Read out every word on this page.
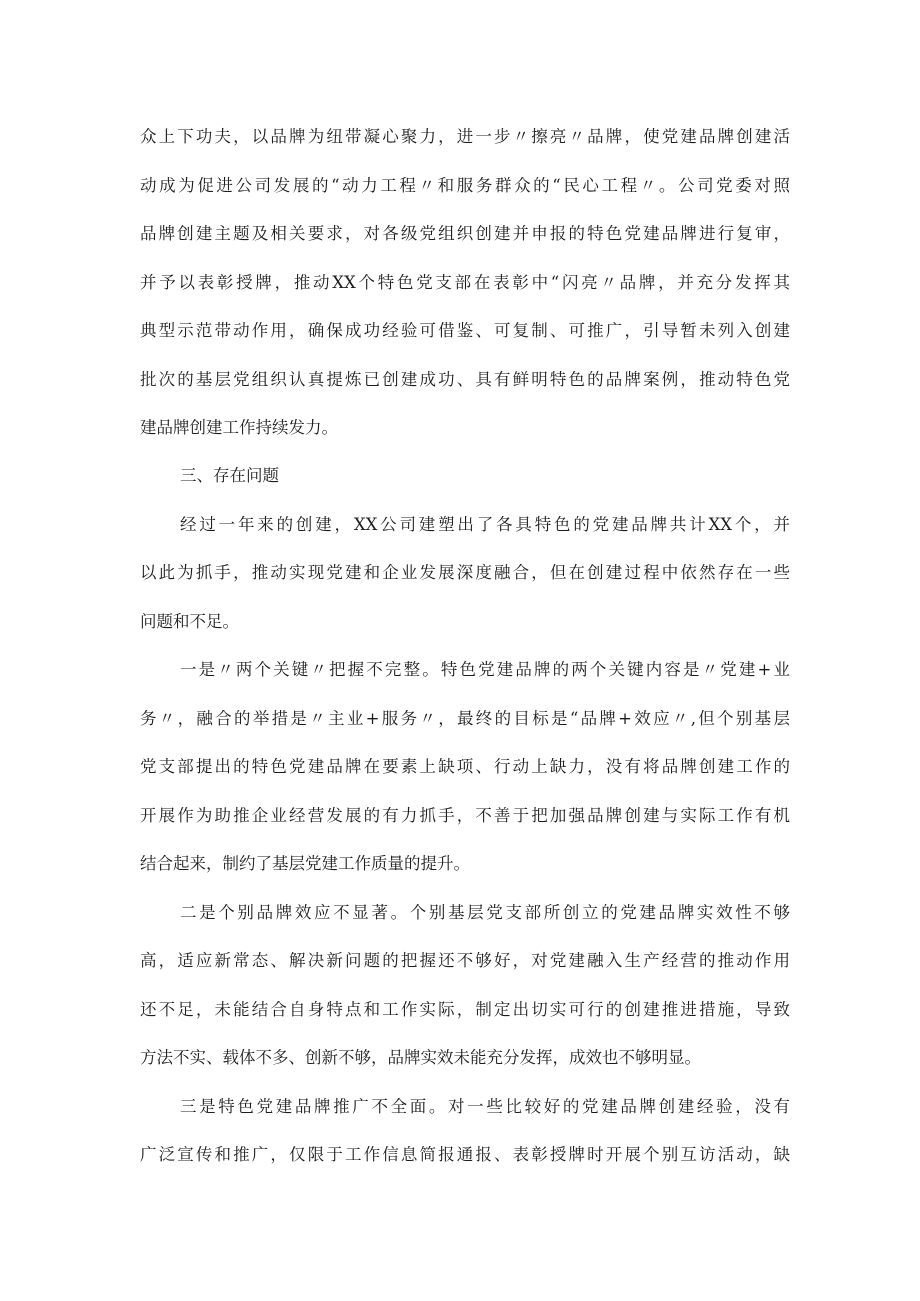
众上下功夫，以品牌为纽带凝心聚力，进一步〃擦亮〃品牌，使党建品牌创建活
动成为促进公司发展的“动力工程〃和服务群众的“民心工程〃。公司党委对照
品牌创建主题及相关要求，对各级党组织创建并申报的特色党建品牌进行复审，
并予以表彰授牌，推动XX个特色党支部在表彰中“闪亮〃品牌，并充分发挥其
典型示范带动作用，确保成功经验可借鉴、可复制、可推广，引导暂未列入创建
批次的基层党组织认真提炼已创建成功、具有鲜明特色的品牌案例，推动特色党
建品牌创建工作持续发力。
三、存在问题
经过一年来的创建，XX公司建塑出了各具特色的党建品牌共计XX个，并
以此为抓手，推动实现党建和企业发展深度融合，但在创建过程中依然存在一些
问题和不足。
一是〃两个关键〃把握不完整。特色党建品牌的两个关键内容是〃党建+业
务〃，融合的举措是〃主业+服务〃，最终的目标是“品牌+效应〃,但个别基层
党支部提出的特色党建品牌在要素上缺项、行动上缺力，没有将品牌创建工作的
开展作为助推企业经营发展的有力抓手，不善于把加强品牌创建与实际工作有机
结合起来，制约了基层党建工作质量的提升。
二是个别品牌效应不显著。个别基层党支部所创立的党建品牌实效性不够
高，适应新常态、解决新问题的把握还不够好，对党建融入生产经营的推动作用
还不足，未能结合自身特点和工作实际，制定出切实可行的创建推进措施，导致
方法不实、载体不多、创新不够，品牌实效未能充分发挥，成效也不够明显。
三是特色党建品牌推广不全面。对一些比较好的党建品牌创建经验，没有
广泛宣传和推广，仅限于工作信息简报通报、表彰授牌时开展个别互访活动，缺
